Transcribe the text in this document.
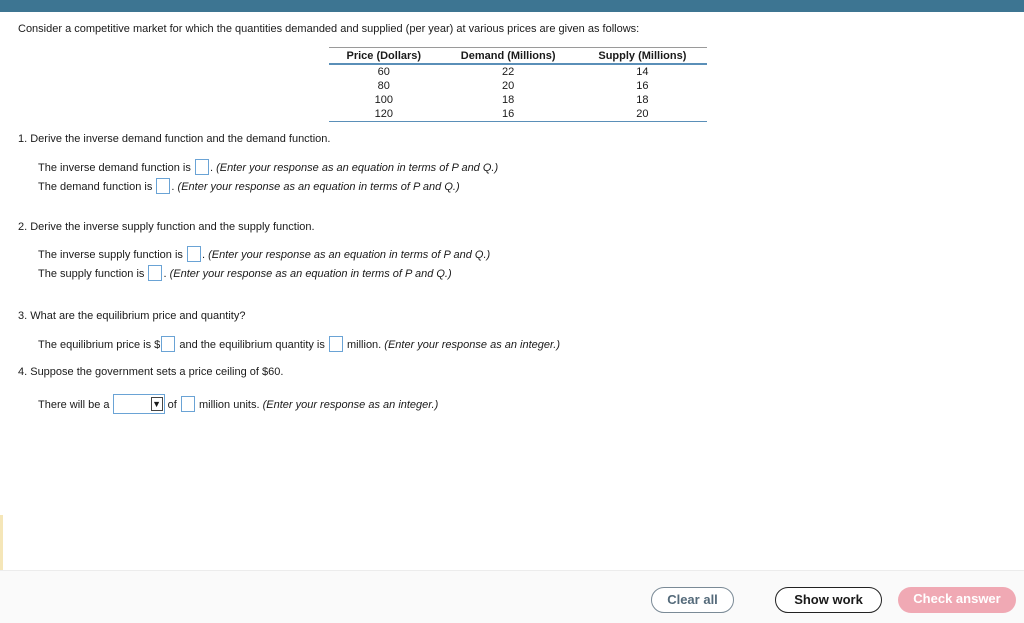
Consider a competitive market for which the quantities demanded and supplied (per year) at various prices are given as follows:
Price (Dollars)	Demand (Millions)	Supply (Millions)
60	22	14
80	20	16
100	18	18
120	16	20
1. Derive the inverse demand function and the demand function.
The inverse demand function is . (Enter your response as an equation in terms of P and Q.)
The demand function is . (Enter your response as an equation in terms of P and Q.)
2. Derive the inverse supply function and the supply function.
The inverse supply function is . (Enter your response as an equation in terms of P and Q.)
The supply function is . (Enter your response as an equation in terms of P and Q.)
3. What are the equilibrium price and quantity?
The equilibrium price is $ and the equilibrium quantity is million. (Enter your response as an integer.)
4. Suppose the government sets a price ceiling of $60.
There will be a	▼ of million units. (Enter your response as an integer.)
Clear all	Show work	Check answer
